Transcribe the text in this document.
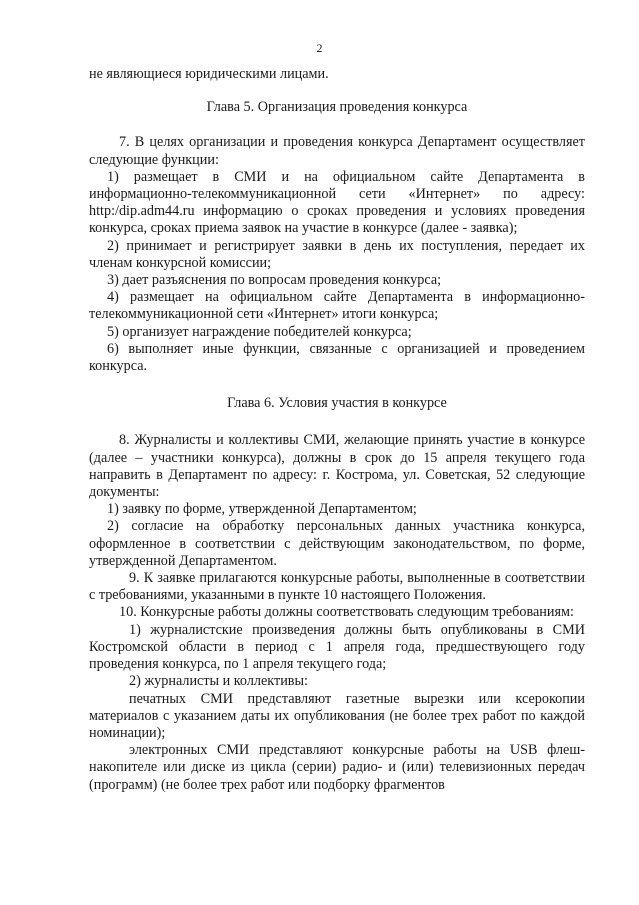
2

не являющиеся юридическими лицами.

Глава 5. Организация проведения конкурса

7. В целях организации и проведения конкурса Департамент осуществляет следующие функции:

1) размещает в СМИ и на официальном сайте Департамента в информационно-телекоммуникационной сети «Интернет» по адресу: http:/dip.adm44.ru информацию о сроках проведения и условиях проведения конкурса, сроках приема заявок на участие в конкурсе (далее - заявка);

2) принимает и регистрирует заявки в день их поступления, передает их членам конкурсной комиссии;

3) дает разъяснения по вопросам проведения конкурса;

4) размещает на официальном сайте Департамента в информационно-телекоммуникационной сети «Интернет» итоги конкурса;

5) организует награждение победителей конкурса;

6) выполняет иные функции, связанные с организацией и проведением конкурса.

Глава 6. Условия участия в конкурсе

8. Журналисты и коллективы СМИ, желающие принять участие в конкурсе (далее – участники конкурса), должны в срок до 15 апреля текущего года направить в Департамент по адресу: г. Кострома, ул. Советская, 52 следующие документы:

1) заявку по форме, утвержденной Департаментом;

2) согласие на обработку персональных данных участника конкурса, оформленное в соответствии с действующим законодательством, по форме, утвержденной Департаментом.

9. К заявке прилагаются конкурсные работы, выполненные в соответствии с требованиями, указанными в пункте 10 настоящего Положения.

10. Конкурсные работы должны соответствовать следующим требованиям:

1) журналистские произведения должны быть опубликованы в СМИ Костромской области в период с 1 апреля года, предшествующего году проведения конкурса, по 1 апреля текущего года;

2) журналисты и коллективы:

печатных СМИ представляют газетные вырезки или ксерокопии материалов с указанием даты их опубликования (не более трех работ по каждой номинации);

электронных СМИ представляют конкурсные работы на USB флеш-накопителе или диске из цикла (серии) радио- и (или) телевизионных передач (программ) (не более трех работ или подборку фрагментов
